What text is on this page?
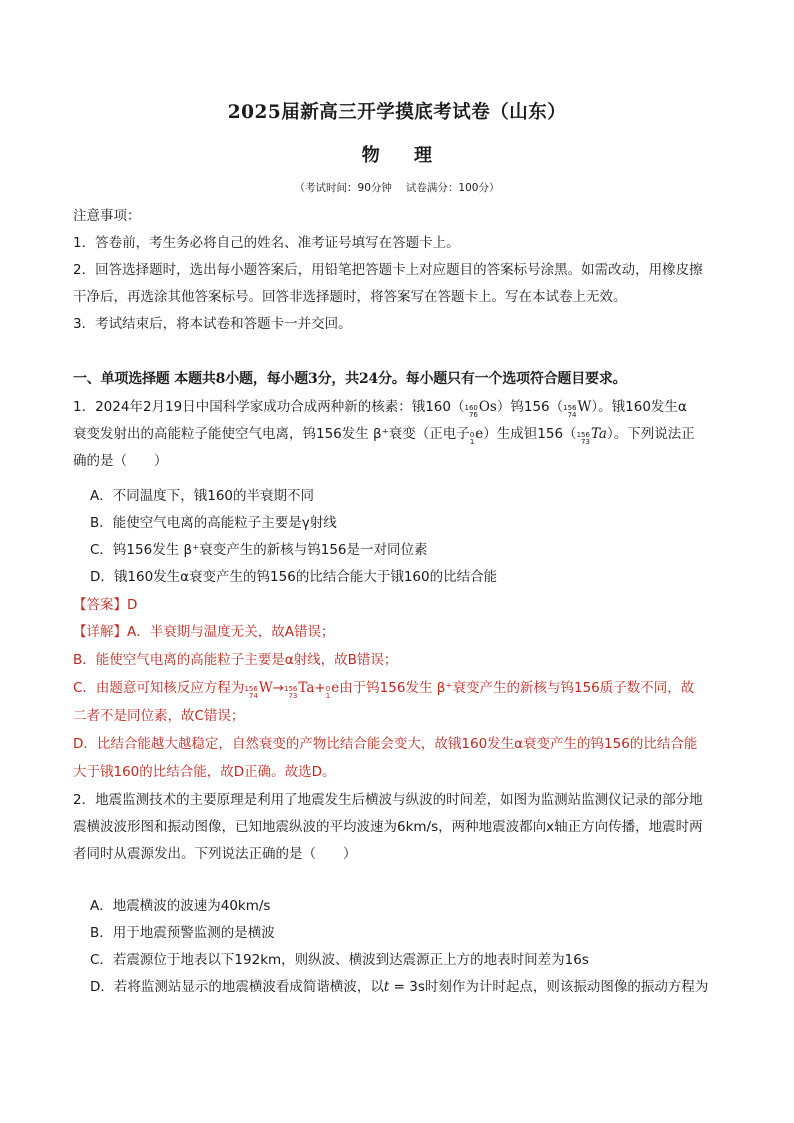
2025届新高三开学摸底考试卷（山东）
物 理
（考试时间：90分钟 试卷满分：100分）
注意事项：
1．答卷前，考生务必将自己的姓名、准考证号填写在答题卡上。
2．回答选择题时，选出每小题答案后，用铅笔把答题卡上对应题目的答案标号涂黑。如需改动，用橡皮擦
干净后，再选涂其他答案标号。回答非选择题时，将答案写在答题卡上。写在本试卷上无效。
3．考试结束后，将本试卷和答题卡一并交回。
一、单项选择题 本题共8小题，每小题3分，共24分。每小题只有一个选项符合题目要求。
1．2024年2月19日中国科学家成功合成两种新的核素：锇160（ 160
76 Os）钨156（ 156
74 W）。锇160发生α
衰变发射出的高能粒子能使空气电离，钨156发生 β⁺衰变（正电子 0
1 e）生成钽156（ 156
73 Ta）。下列说法正
确的是（　　）
A．不同温度下，锇160的半衰期不同
B．能使空气电离的高能粒子主要是γ射线
C．钨156发生 β⁺衰变产生的新核与钨156是一对同位素
D．锇160发生α衰变产生的钨156的比结合能大于锇160的比结合能
【答案】D
【详解】A．半衰期与温度无关，故A错误；
B．能使空气电离的高能粒子主要是α射线，故B错误；
C．由题意可知核反应方程为 156
74 W→ 156
73 Ta+ 0
1 e由于钨156发生 β⁺衰变产生的新核与钨156质子数不同，故
二者不是同位素，故C错误；
D．比结合能越大越稳定，自然衰变的产物比结合能会变大，故锇160发生α衰变产生的钨156的比结合能
大于锇160的比结合能，故D正确。故选D。
2．地震监测技术的主要原理是利用了地震发生后横波与纵波的时间差，如图为监测站监测仪记录的部分地
震横波波形图和振动图像，已知地震纵波的平均波速为6km/s，两种地震波都向x轴正方向传播，地震时两
者同时从震源发出。下列说法正确的是（　　）
A．地震横波的波速为40km/s
B．用于地震预警监测的是横波
C．若震源位于地表以下192km，则纵波、横波到达震源正上方的地表时间差为16s
D．若将监测站显示的地震横波看成简谐横波，以t = 3s时刻作为计时起点，则该振动图像的振动方程为
